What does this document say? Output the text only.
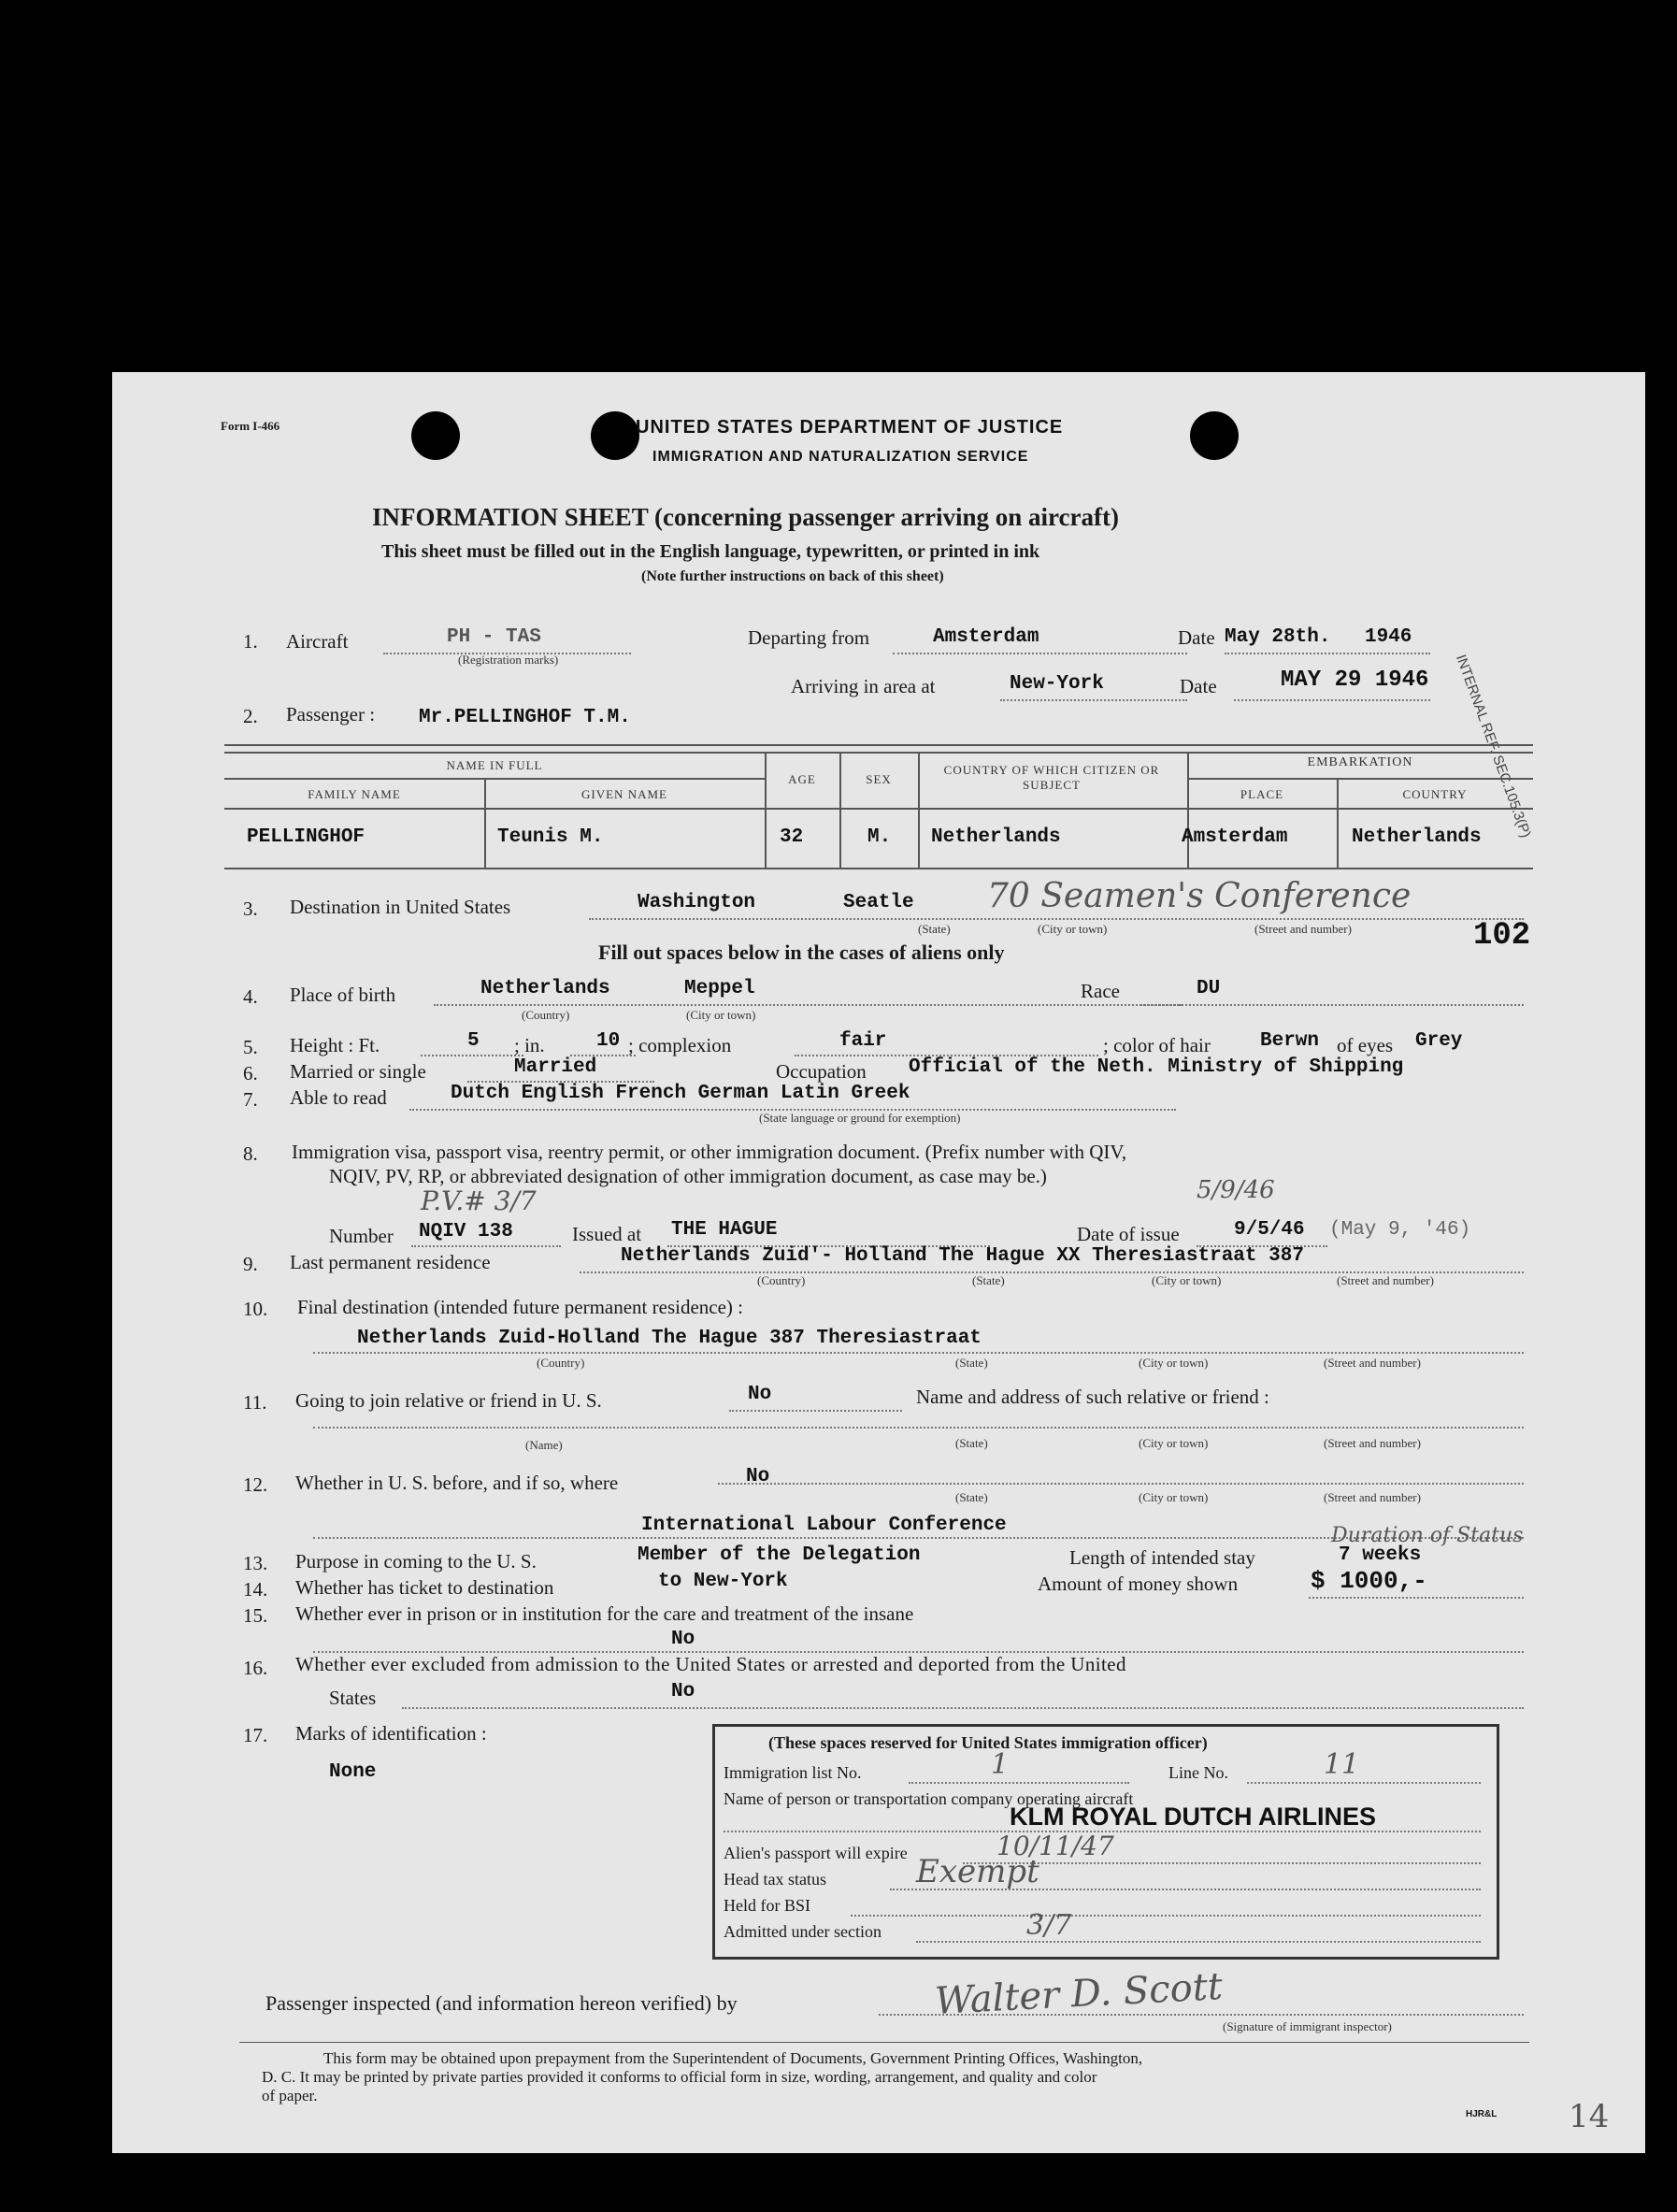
Form I-466	UNITED STATES DEPARTMENT OF JUSTICE
IMMIGRATION AND NATURALIZATION SERVICE
INFORMATION SHEET (concerning passenger arriving on aircraft)
This sheet must be filled out in the English language, typewritten, or printed in ink
(Note further instructions on back of this sheet)
INTERNAL REF. SEC.105.3(P)
1. Aircraft	PH - TAS
(Registration marks)
Departing from	Amsterdam	Date May 28th. 1946
Arriving in area at	New-York	Date	MAY 29 1946
2. Passenger : Mr.PELLINGHOF T.M.
NAME IN FULL
FAMILY NAME	GIVEN NAME
AGE	SEX
COUNTRY OF WHICH CITIZEN OR SUBJECT
EMBARKATION
PLACE	COUNTRY
PELLINGHOF	Teunis M.	32	M. Netherlands	Amsterdam	Netherlands
3. Destination in United States	Washington	Seatle 70 Seamen's Conference
(State)	(City or town)	(Street and number)	102
Fill out spaces below in the cases of aliens only
4. Place of birth	Netherlands	Meppel
(Country)	(City or town)
Race	DU
5. Height : Ft.	5 ; in.	10 ; complexion	fair	; color of hair	Berwn of eyes Grey
6. Married or single	Married	Occupation Official of the Neth. Ministry of Shipping
7. Able to read	Dutch English French German Latin Greek
(State language or ground for exemption)
8. Immigration visa, passport visa, reentry permit, or other immigration document. (Prefix number with QIV,
NQIV, PV, RP, or abbreviated designation of other immigration document, as case may be.)
P.V.# 3/7	5/9/46
Number NQIV 138	Issued at THE HAGUE	Date of issue	9/5/46 (May 9, '46)
9. Last permanent residence	Netherlands Zuid'- Holland The Hague XX Theresiastraat 387
(Country)	(State)	(City or town)	(Street and number)
10. Final destination (intended future permanent residence) :
Netherlands Zuid-Holland The Hague 387 Theresiastraat
(Country)	(State)	(City or town)	(Street and number)
11. Going to join relative or friend in U. S.	No	Name and address of such relative or friend :
(Name)	(State)	(City or town)	(Street and number)
12. Whether in U. S. before, and if so, where	No
(State)	(City or town)	(Street and number)
International Labour Conference
13. Purpose in coming to the U. S.	Member of the Delegation	Length of intended stay	7 weeks
Duration of Status
14. Whether has ticket to destination	to New-York	Amount of money shown	$ 1000,-
15. Whether ever in prison or in institution for the care and treatment of the insane
No
16. Whether ever excluded from admission to the United States or arrested and deported from the United
States	No
17. Marks of identification :
None
(These spaces reserved for United States immigration officer)
Immigration list No.	1	Line No.	11
Name of person or transportation company operating aircraft
KLM ROYAL DUTCH AIRLINES
Alien's passport will expire	10/11/47
Head tax status	Exempt
Held for BSI
Admitted under section	3/7
Passenger inspected (and information hereon verified) by	Walter D. Scott
(Signature of immigrant inspector)
This form may be obtained upon prepayment from the Superintendent of Documents, Government Printing Offices, Washington,
D. C. It may be printed by private parties provided it conforms to official form in size, wording, arrangement, and quality and color
of paper.
HJR&L 14
